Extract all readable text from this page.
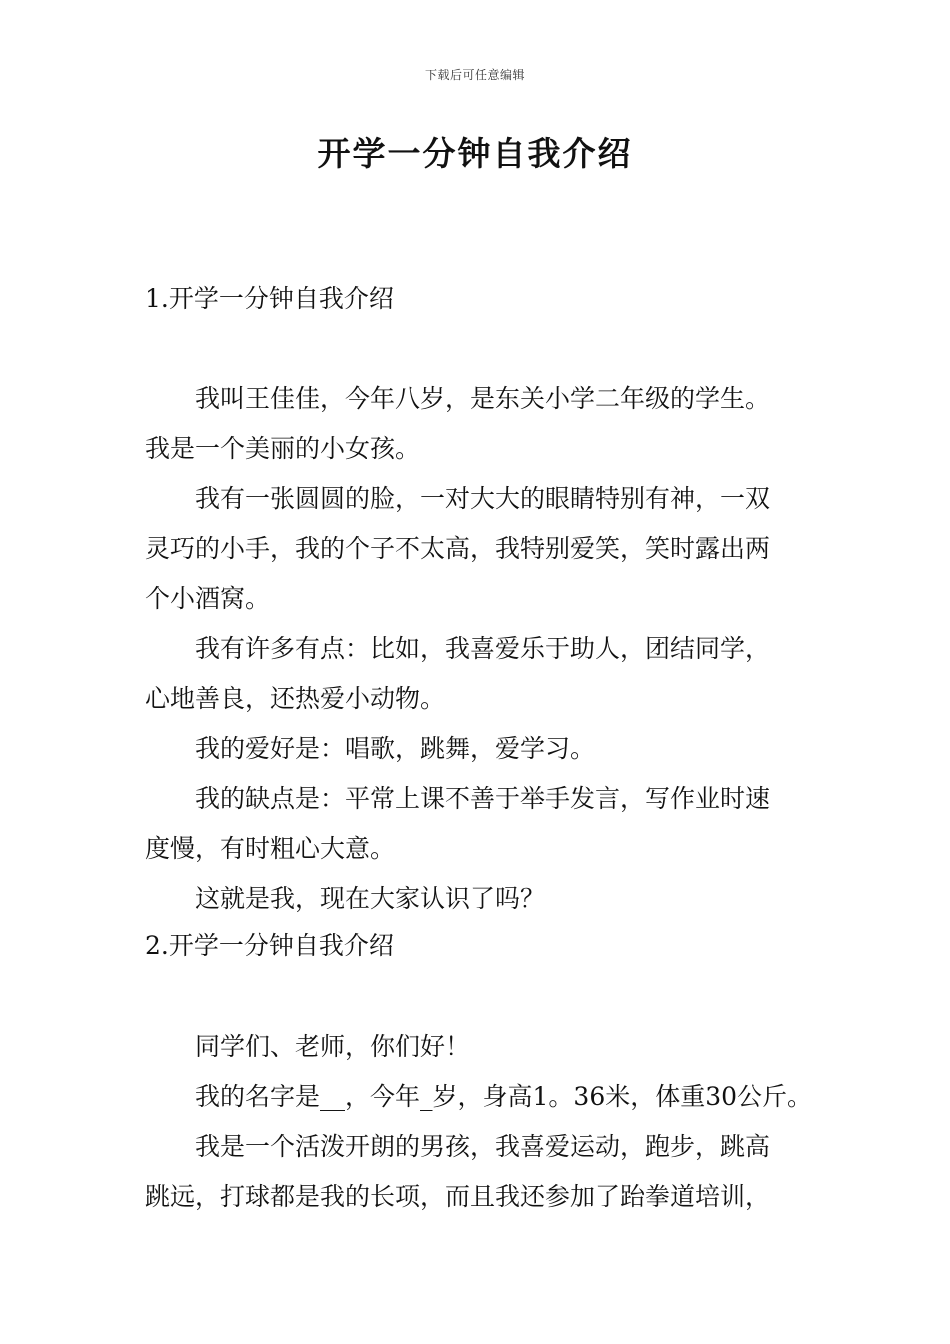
下载后可任意编辑
开学一分钟自我介绍
1.开学一分钟自我介绍
我叫王佳佳，今年八岁，是东关小学二年级的学生。
我是一个美丽的小女孩。
我有一张圆圆的脸，一对大大的眼睛特别有神，一双
灵巧的小手，我的个子不太高，我特别爱笑，笑时露出两
个小酒窝。
我有许多有点：比如，我喜爱乐于助人，团结同学，
心地善良，还热爱小动物。
我的爱好是：唱歌，跳舞，爱学习。
我的缺点是：平常上课不善于举手发言，写作业时速
度慢，有时粗心大意。
这就是我，现在大家认识了吗？
2.开学一分钟自我介绍
同学们、老师，你们好！
我的名字是__，今年_岁，身高1。36米，体重30公斤。
我是一个活泼开朗的男孩，我喜爱运动，跑步，跳高
跳远，打球都是我的长项，而且我还参加了跆拳道培训，
